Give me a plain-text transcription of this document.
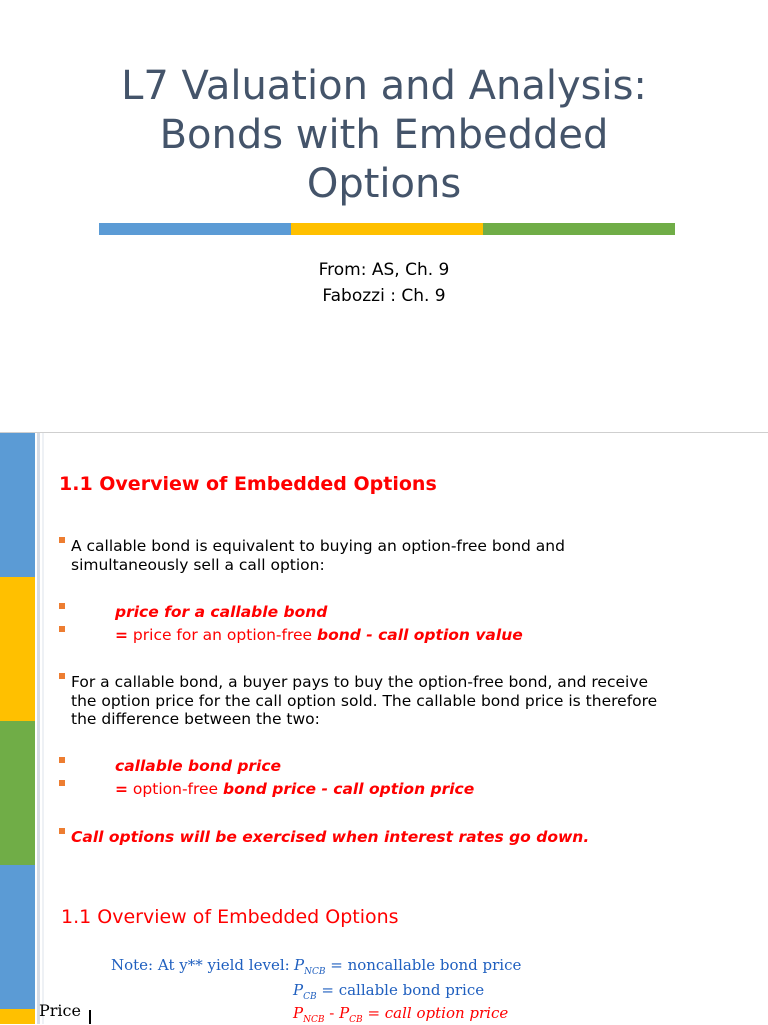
L7 Valuation and Analysis:
Bonds with Embedded
Options
From: AS, Ch. 9
Fabozzi : Ch. 9
1.1 Overview of Embedded Options
A callable bond is equivalent to buying an option-free bond and
simultaneously sell a call option:
price for a callable bond
= price for an option-free bond - call option value
For a callable bond, a buyer pays to buy the option-free bond, and receive
the option price for the call option sold. The callable bond price is therefore
the difference between the two:
callable bond price
= option-free bond price - call option price
Call options will be exercised when interest rates go down.
1.1 Overview of Embedded Options
Note: At y** yield level: $P_{NCB}$ = noncallable bond price
$P_{CB}$ = callable bond price
$P_{NCB} - P_{CB}$ = call option price
Price
